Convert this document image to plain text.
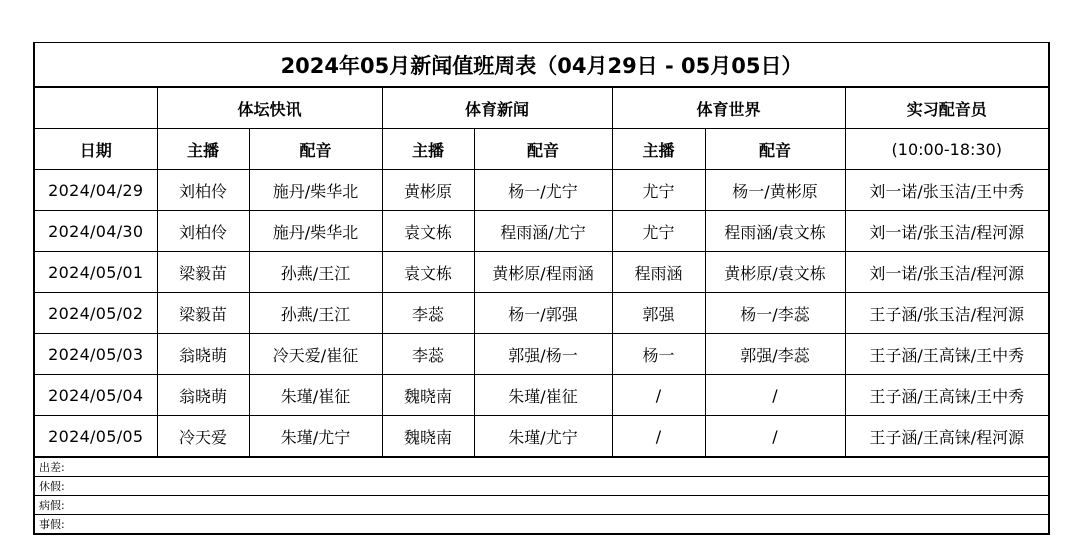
2024年05月新闻值班周表（04月29日 - 05月05日）							
	体坛快讯		体育新闻		体育世界		实习配音员
日期	主播	配音	主播	配音	主播	配音	(10:00-18:30)
2024/04/29	刘柏伶	施丹/柴华北	黄彬原	杨一/尤宁	尤宁	杨一/黄彬原	刘一诺/张玉洁/王中秀
2024/04/30	刘柏伶	施丹/柴华北	袁文栋	程雨涵/尤宁	尤宁	程雨涵/袁文栋	刘一诺/张玉洁/程河源
2024/05/01	梁毅苗	孙燕/王江	袁文栋	黄彬原/程雨涵	程雨涵	黄彬原/袁文栋	刘一诺/张玉洁/程河源
2024/05/02	梁毅苗	孙燕/王江	李蕊	杨一/郭强	郭强	杨一/李蕊	王子涵/张玉洁/程河源
2024/05/03	翁晓萌	冷天爱/崔征	李蕊	郭强/杨一	杨一	郭强/李蕊	王子涵/王高铼/王中秀
2024/05/04	翁晓萌	朱瑾/崔征	魏晓南	朱瑾/崔征	/	/	王子涵/王高铼/王中秀
2024/05/05	冷天爱	朱瑾/尤宁	魏晓南	朱瑾/尤宁	/	/	王子涵/王高铼/程河源
出差:							
休假:							
病假:							
事假:							
